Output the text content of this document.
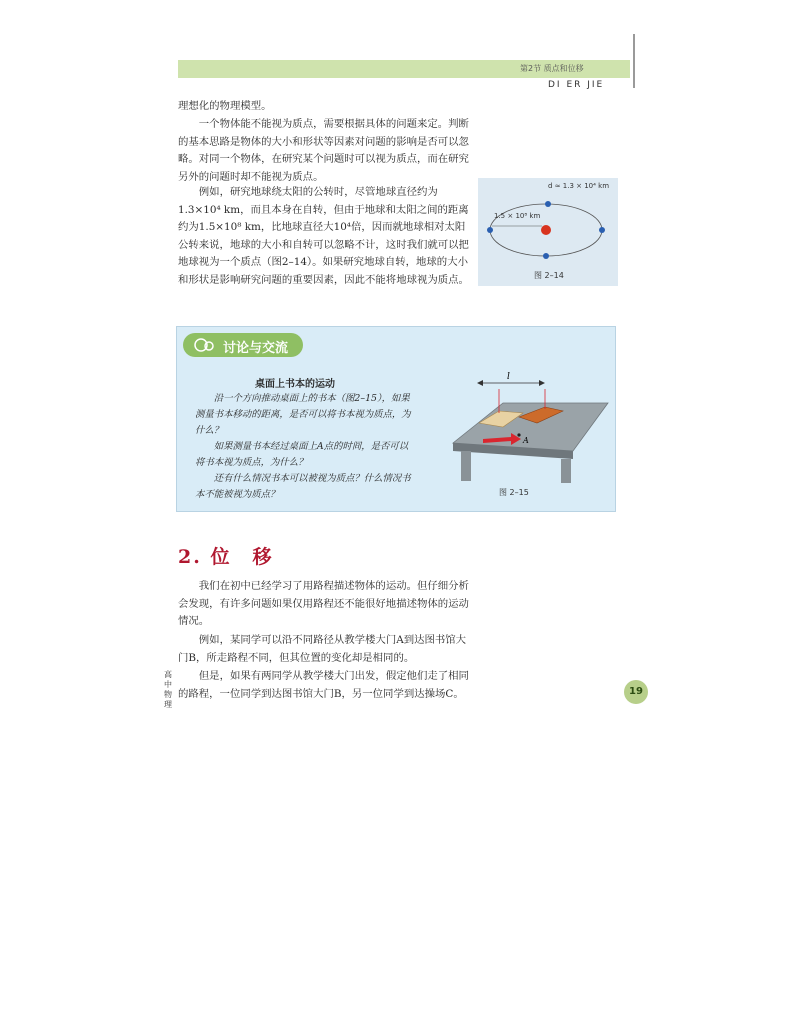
第2节 质点和位移
DI ER JIE

理想化的物理模型。

一个物体能不能视为质点，需要根据具体的问题来定。判断的基本思路是物体的大小和形状等因素对问题的影响是否可以忽略。对同一个物体，在研究某个问题时可以视为质点，而在研究另外的问题时却不能视为质点。

例如，研究地球绕太阳的公转时，尽管地球直径约为1.3×10⁴ km，而且本身在自转，但由于地球和太阳之间的距离约为1.5×10⁸ km，比地球直径大10⁴倍，因而就地球相对太阳公转来说，地球的大小和自转可以忽略不计，这时我们就可以把地球视为一个质点（图2–14）。如果研究地球自转，地球的大小和形状是影响研究问题的重要因素，因此不能将地球视为质点。

d ≈ 1.3 × 10⁴ km
1.5 × 10⁸ km
图 2–14
讨论与交流
桌面上书本的运动
沿一个方向推动桌面上的书本（图2–15），如果测量书本移动的距离，是否可以将书本视为质点，为什么？
如果测量书本经过桌面上A点的时间，是否可以将书本视为质点，为什么？
还有什么情况书本可以被视为质点？什么情况书本不能被视为质点？
l
A
图 2–15
2. 位　移

我们在初中已经学习了用路程描述物体的运动。但仔细分析会发现，有许多问题如果仅用路程还不能很好地描述物体的运动情况。

例如，某同学可以沿不同路径从教学楼大门A到达图书馆大门B，所走路程不同，但其位置的变化却是相同的。

但是，如果有两同学从教学楼大门出发，假定他们走了相同的路程，一位同学到达图书馆大门B，另一位同学到达操场C。

高中物理
19
